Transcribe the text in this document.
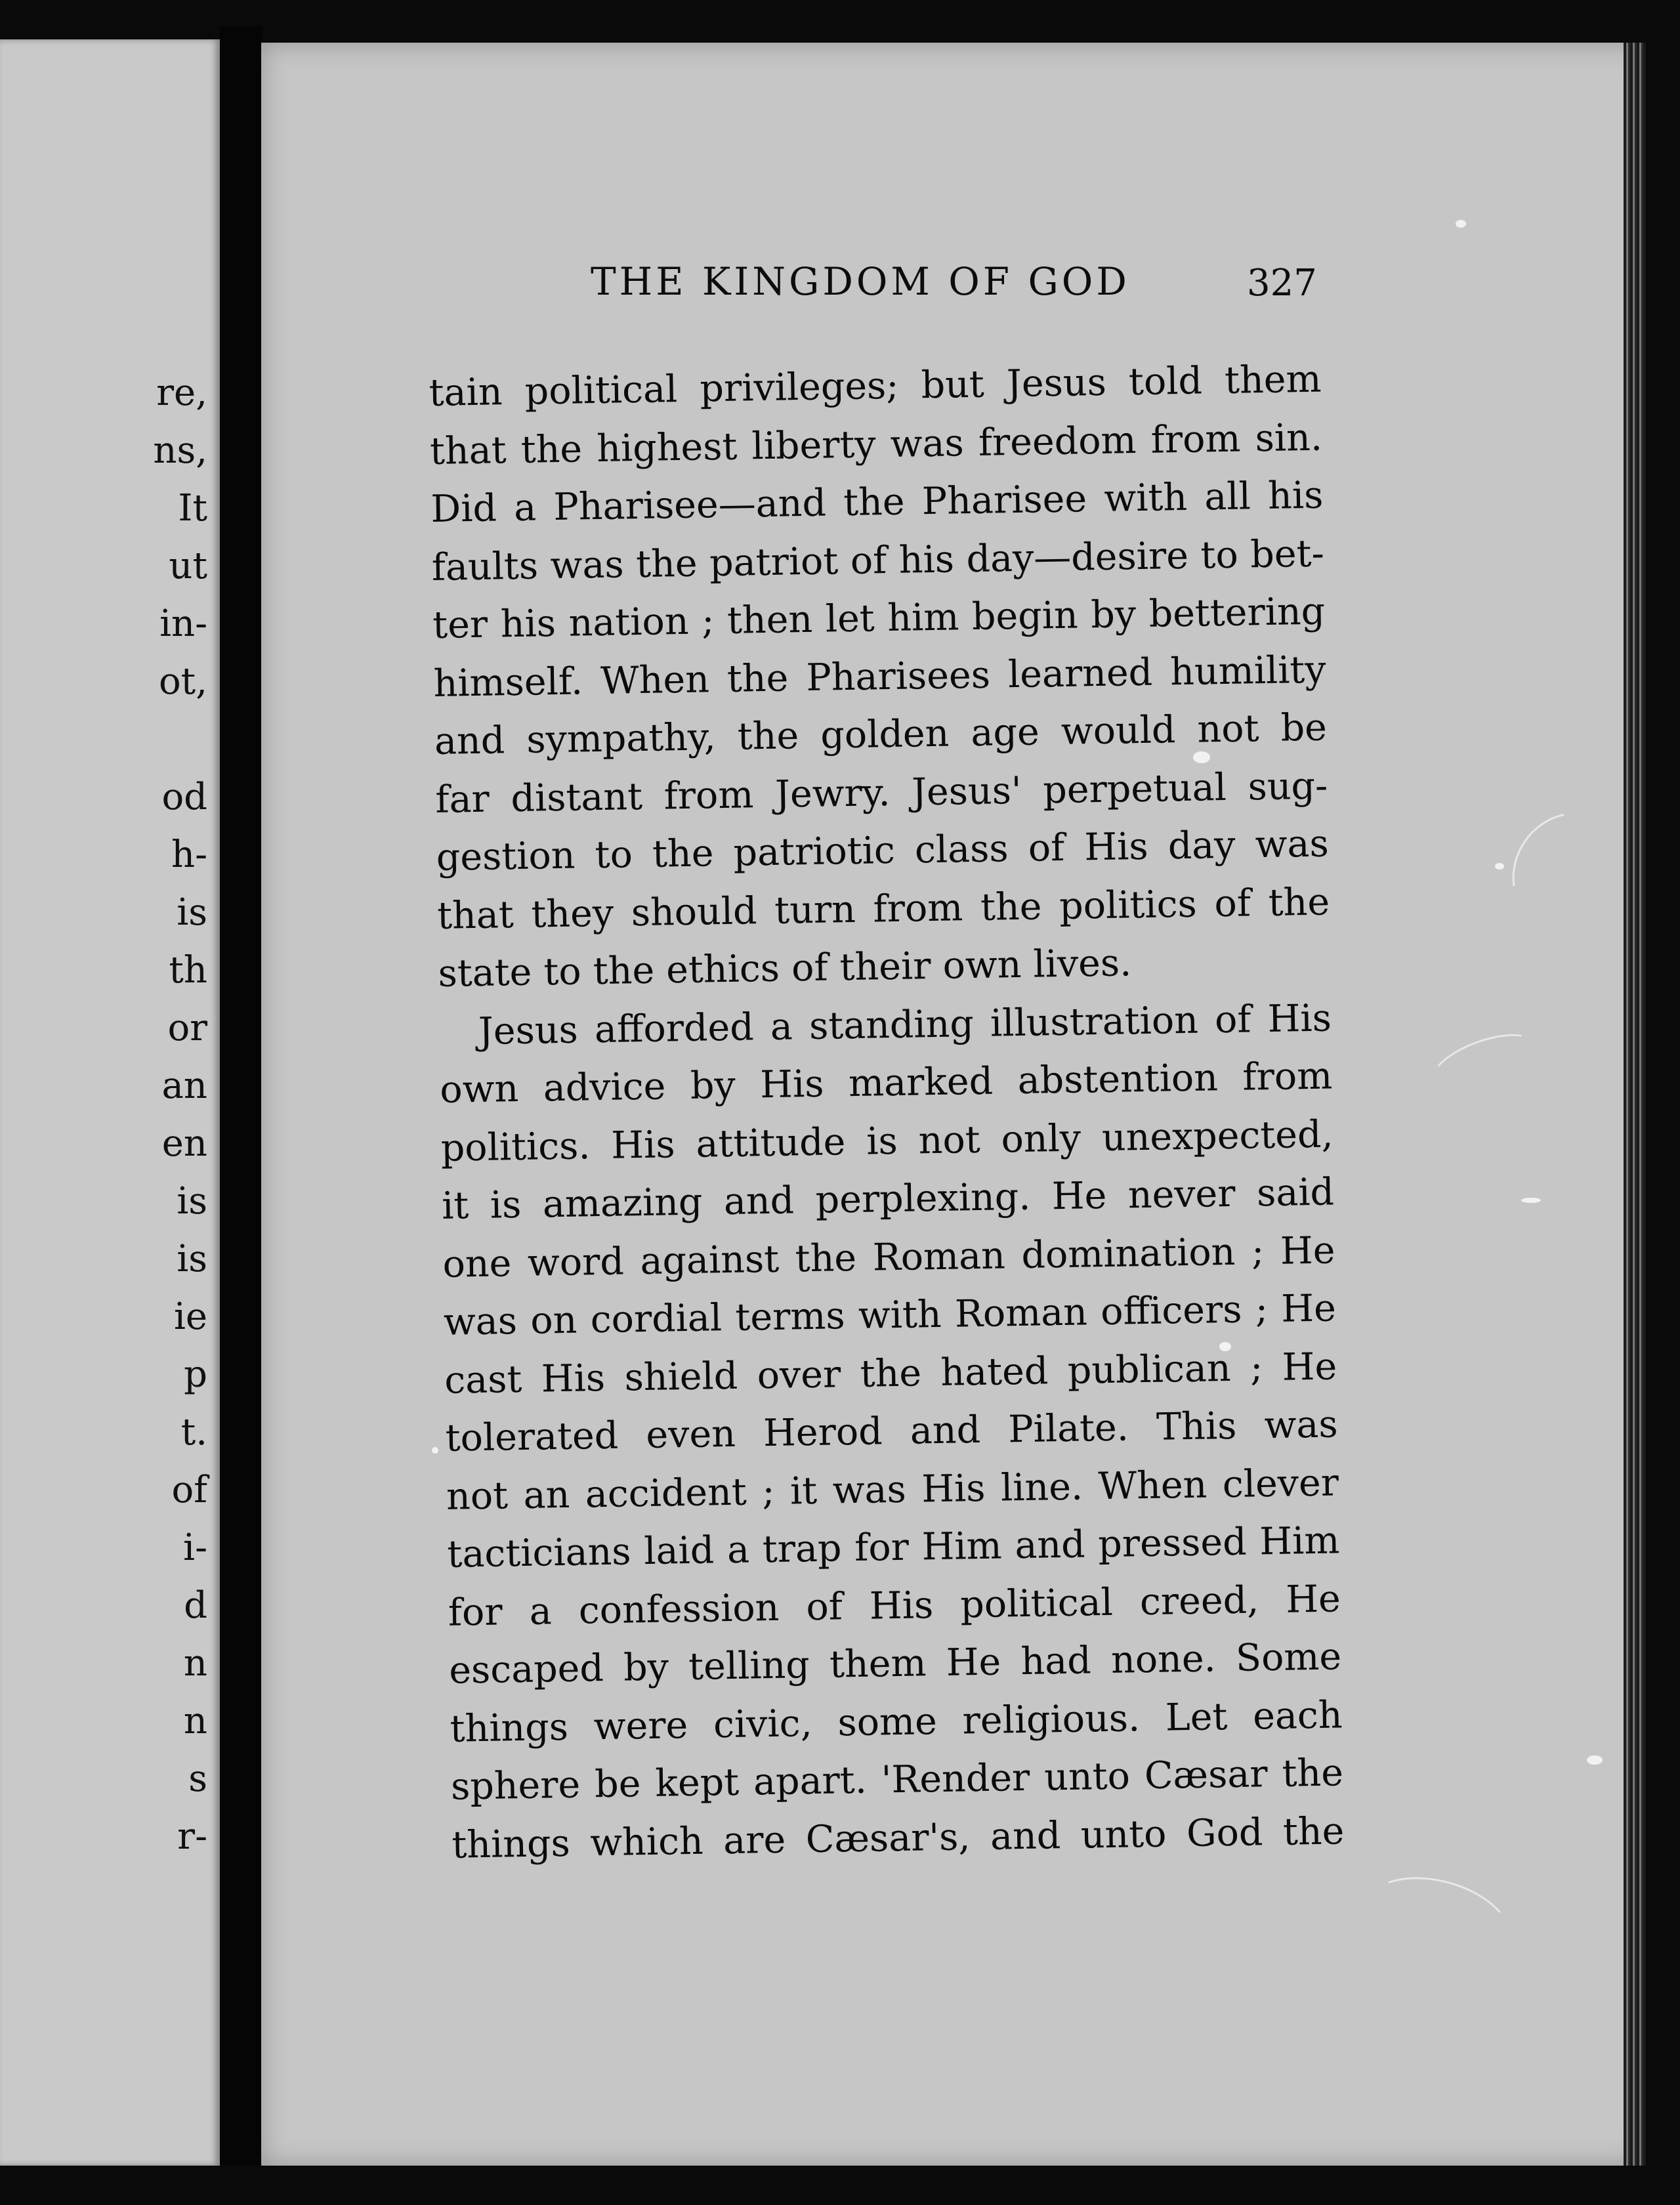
re,
ns,
It
ut
in-
ot,
od
h-
is
th
or
an
en
is
is
ie
p
t.
of
i-
d
n
n
s
r-
THE KINGDOM OF GOD	327
tain political privileges; but Jesus told them
that the highest liberty was freedom from sin.
Did a Pharisee—and the Pharisee with all his
faults was the patriot of his day—desire to bet-
ter his nation ; then let him begin by bettering
himself. When the Pharisees learned humility
and sympathy, the golden age would not be
far distant from Jewry. Jesus' perpetual sug-
gestion to the patriotic class of His day was
that they should turn from the politics of the
state to the ethics of their own lives.
Jesus afforded a standing illustration of His
own advice by His marked abstention from
politics. His attitude is not only unexpected,
it is amazing and perplexing. He never said
one word against the Roman domination ; He
was on cordial terms with Roman officers ; He
cast His shield over the hated publican ; He
tolerated even Herod and Pilate. This was
not an accident ; it was His line. When clever
tacticians laid a trap for Him and pressed Him
for a confession of His political creed, He
escaped by telling them He had none. Some
things were civic, some religious. Let each
sphere be kept apart. 'Render unto Cæsar the
things which are Cæsar's, and unto God the
